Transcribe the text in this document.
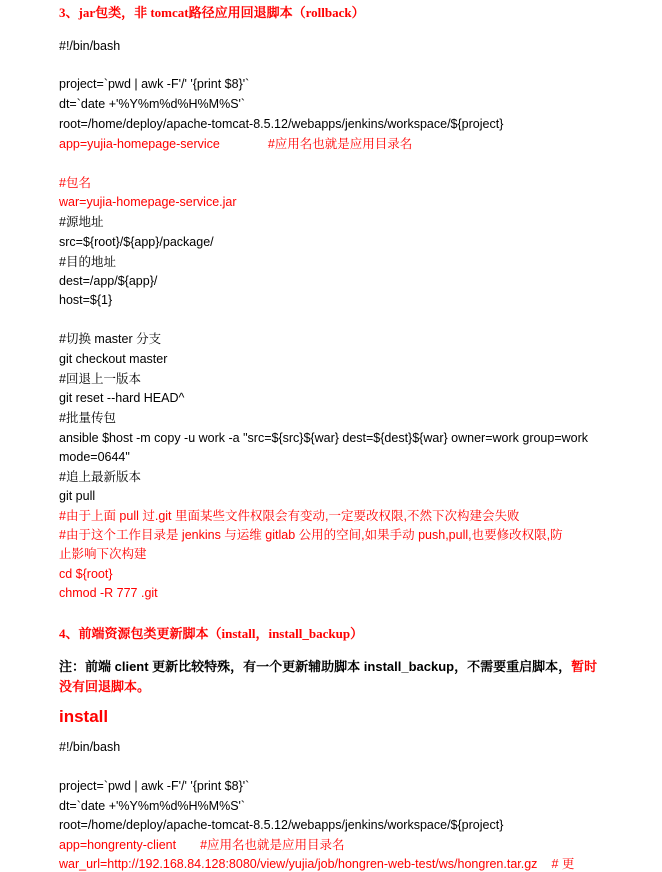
3、jar包类，非 tomcat路径应用回退脚本（rollback）
#!/bin/bash
project=`pwd | awk -F'/' '{print $8}'`
dt=`date +'%Y%m%d%H%M%S'`
root=/home/deploy/apache-tomcat-8.5.12/webapps/jenkins/workspace/${project}
app=yujia-homepage-service	#应用名也就是应用目录名
#包名
war=yujia-homepage-service.jar
#源地址
src=${root}/${app}/package/
#目的地址
dest=/app/${app}/
host=${1}
#切换 master 分支
git checkout master
#回退上一版本
git reset --hard HEAD^
#批量传包
ansible $host -m copy -u work -a "src=${src}${war} dest=${dest}${war} owner=work group=work
mode=0644"
#追上最新版本
git pull
#由于上面 pull 过.git 里面某些文件权限会有变动,一定要改权限,不然下次构建会失败
#由于这个工作目录是 jenkins 与运维 gitlab 公用的空间,如果手动 push,pull,也要修改权限,防
止影响下次构建
cd ${root}
chmod -R 777 .git
4、前端资源包类更新脚本（install，install_backup）
注：前端 client 更新比较特殊，有一个更新辅助脚本 install_backup，不需要重启脚本，暂时没有回退脚本。
install
#!/bin/bash
project=`pwd | awk -F'/' '{print $8}'`
dt=`date +'%Y%m%d%H%M%S'`
root=/home/deploy/apache-tomcat-8.5.12/webapps/jenkins/workspace/${project}
app=hongrenty-client #应用名也就是应用目录名
war_url=http://192.168.84.128:8080/view/yujia/job/hongren-web-test/ws/hongren.tar.gz # 更
